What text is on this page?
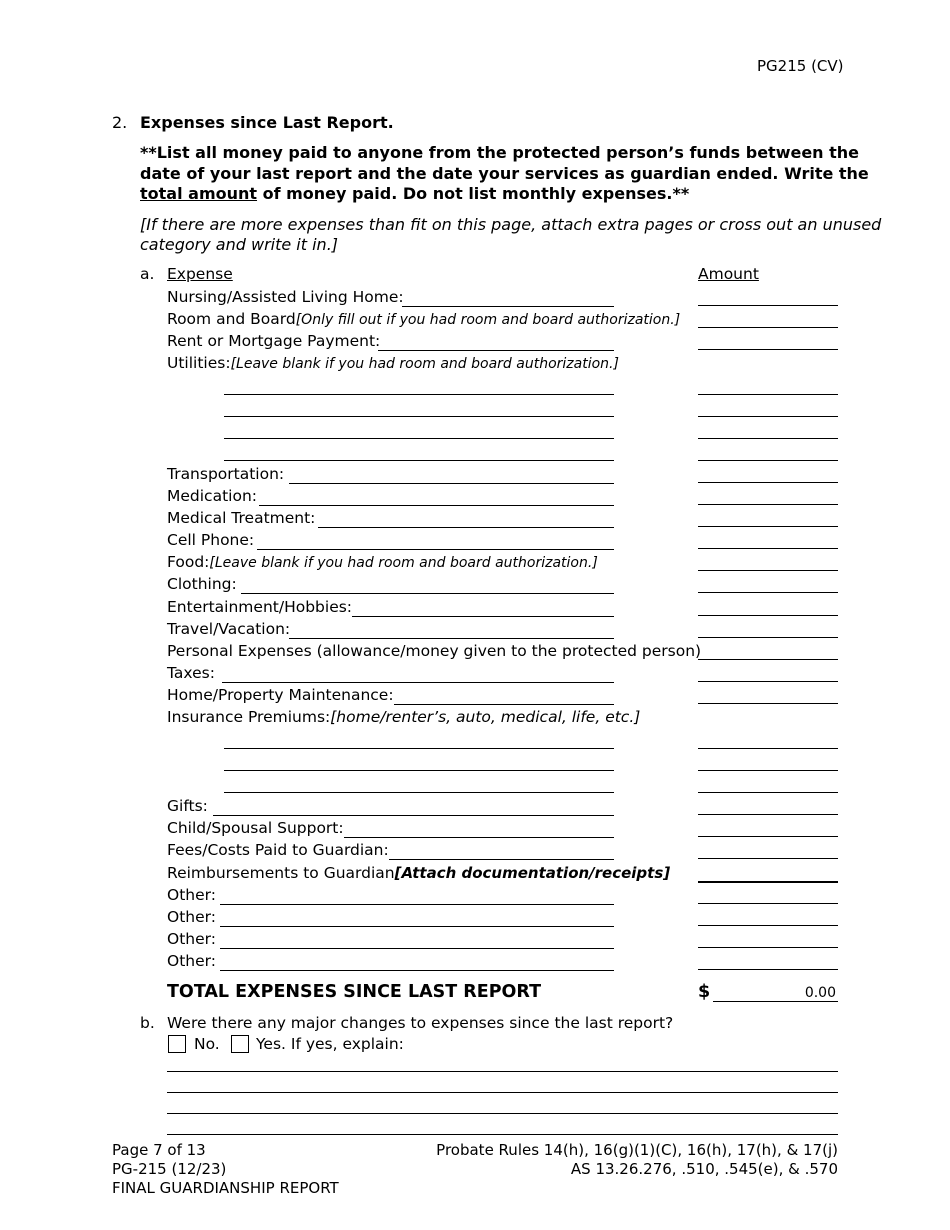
PG215 (CV)
2. Expenses since Last Report.
**List all money paid to anyone from the protected person’s funds between the
date of your last report and the date your services as guardian ended. Write the
total amount of money paid. Do not list monthly expenses.**
[If there are more expenses than fit on this page, attach extra pages or cross out an unused
category and write it in.]
a. Expense	Amount
Nursing/Assisted Living Home:
Room and Board[Only fill out if you had room and board authorization.]
Rent or Mortgage Payment:
Utilities:[Leave blank if you had room and board authorization.]
Transportation:
Medication:
Medical Treatment:
Cell Phone:
Food:[Leave blank if you had room and board authorization.]
Clothing:
Entertainment/Hobbies:
Travel/Vacation:
Personal Expenses (allowance/money given to the protected person)
Taxes:
Home/Property Maintenance:
Insurance Premiums:[home/renter’s, auto, medical, life, etc.]
Gifts:
Child/Spousal Support:
Fees/Costs Paid to Guardian:
Reimbursements to Guardian[Attach documentation/receipts]
Other:
Other:
Other:
Other:
TOTAL EXPENSES SINCE LAST REPORT	$	0.00
b. Were there any major changes to expenses since the last report?
No. Yes. If yes, explain:
Page 7 of 13
PG-215 (12/23)
FINAL GUARDIANSHIP REPORT
Probate Rules 14(h), 16(g)(1)(C), 16(h), 17(h), & 17(j)
AS 13.26.276, .510, .545(e), & .570
